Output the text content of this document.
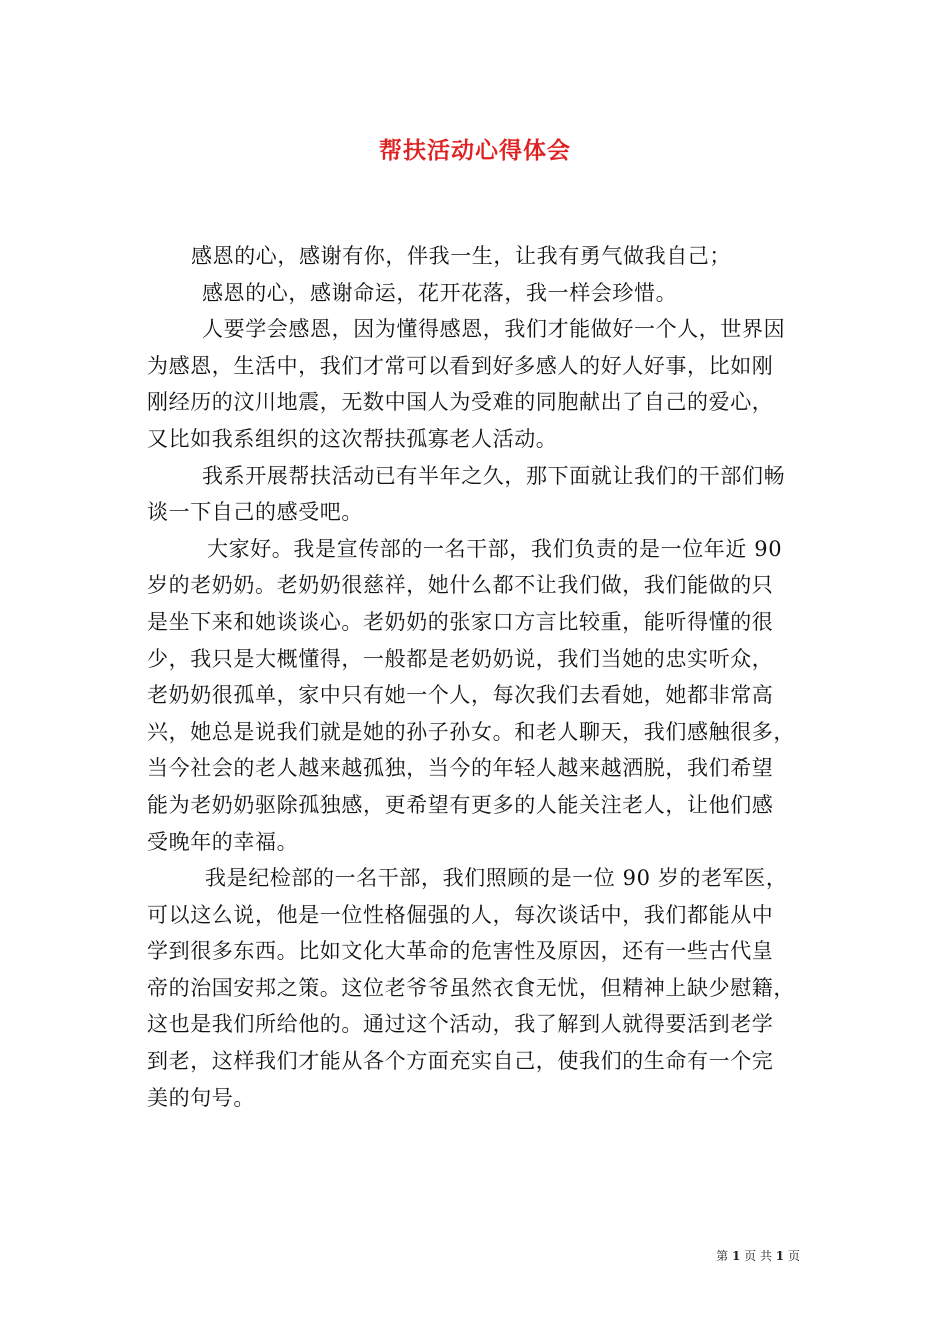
帮扶活动心得体会
感恩的心，感谢有你，伴我一生，让我有勇气做我自己；
感恩的心，感谢命运，花开花落，我一样会珍惜。
人要学会感恩，因为懂得感恩，我们才能做好一个人，世界因
为感恩，生活中，我们才常可以看到好多感人的好人好事，比如刚
刚经历的汶川地震，无数中国人为受难的同胞献出了自己的爱心，
又比如我系组织的这次帮扶孤寡老人活动。
我系开展帮扶活动已有半年之久，那下面就让我们的干部们畅
谈一下自己的感受吧。
大家好。我是宣传部的一名干部，我们负责的是一位年近 90
岁的老奶奶。老奶奶很慈祥，她什么都不让我们做，我们能做的只
是坐下来和她谈谈心。老奶奶的张家口方言比较重，能听得懂的很
少，我只是大概懂得，一般都是老奶奶说，我们当她的忠实听众，
老奶奶很孤单，家中只有她一个人，每次我们去看她，她都非常高
兴，她总是说我们就是她的孙子孙女。和老人聊天，我们感触很多，
当今社会的老人越来越孤独，当今的年轻人越来越洒脱，我们希望
能为老奶奶驱除孤独感，更希望有更多的人能关注老人，让他们感
受晚年的幸福。
我是纪检部的一名干部，我们照顾的是一位 90 岁的老军医，
可以这么说，他是一位性格倔强的人，每次谈话中，我们都能从中
学到很多东西。比如文化大革命的危害性及原因，还有一些古代皇
帝的治国安邦之策。这位老爷爷虽然衣食无忧，但精神上缺少慰籍，
这也是我们所给他的。通过这个活动，我了解到人就得要活到老学
到老，这样我们才能从各个方面充实自己，使我们的生命有一个完
美的句号。
第 1 页 共 1 页
